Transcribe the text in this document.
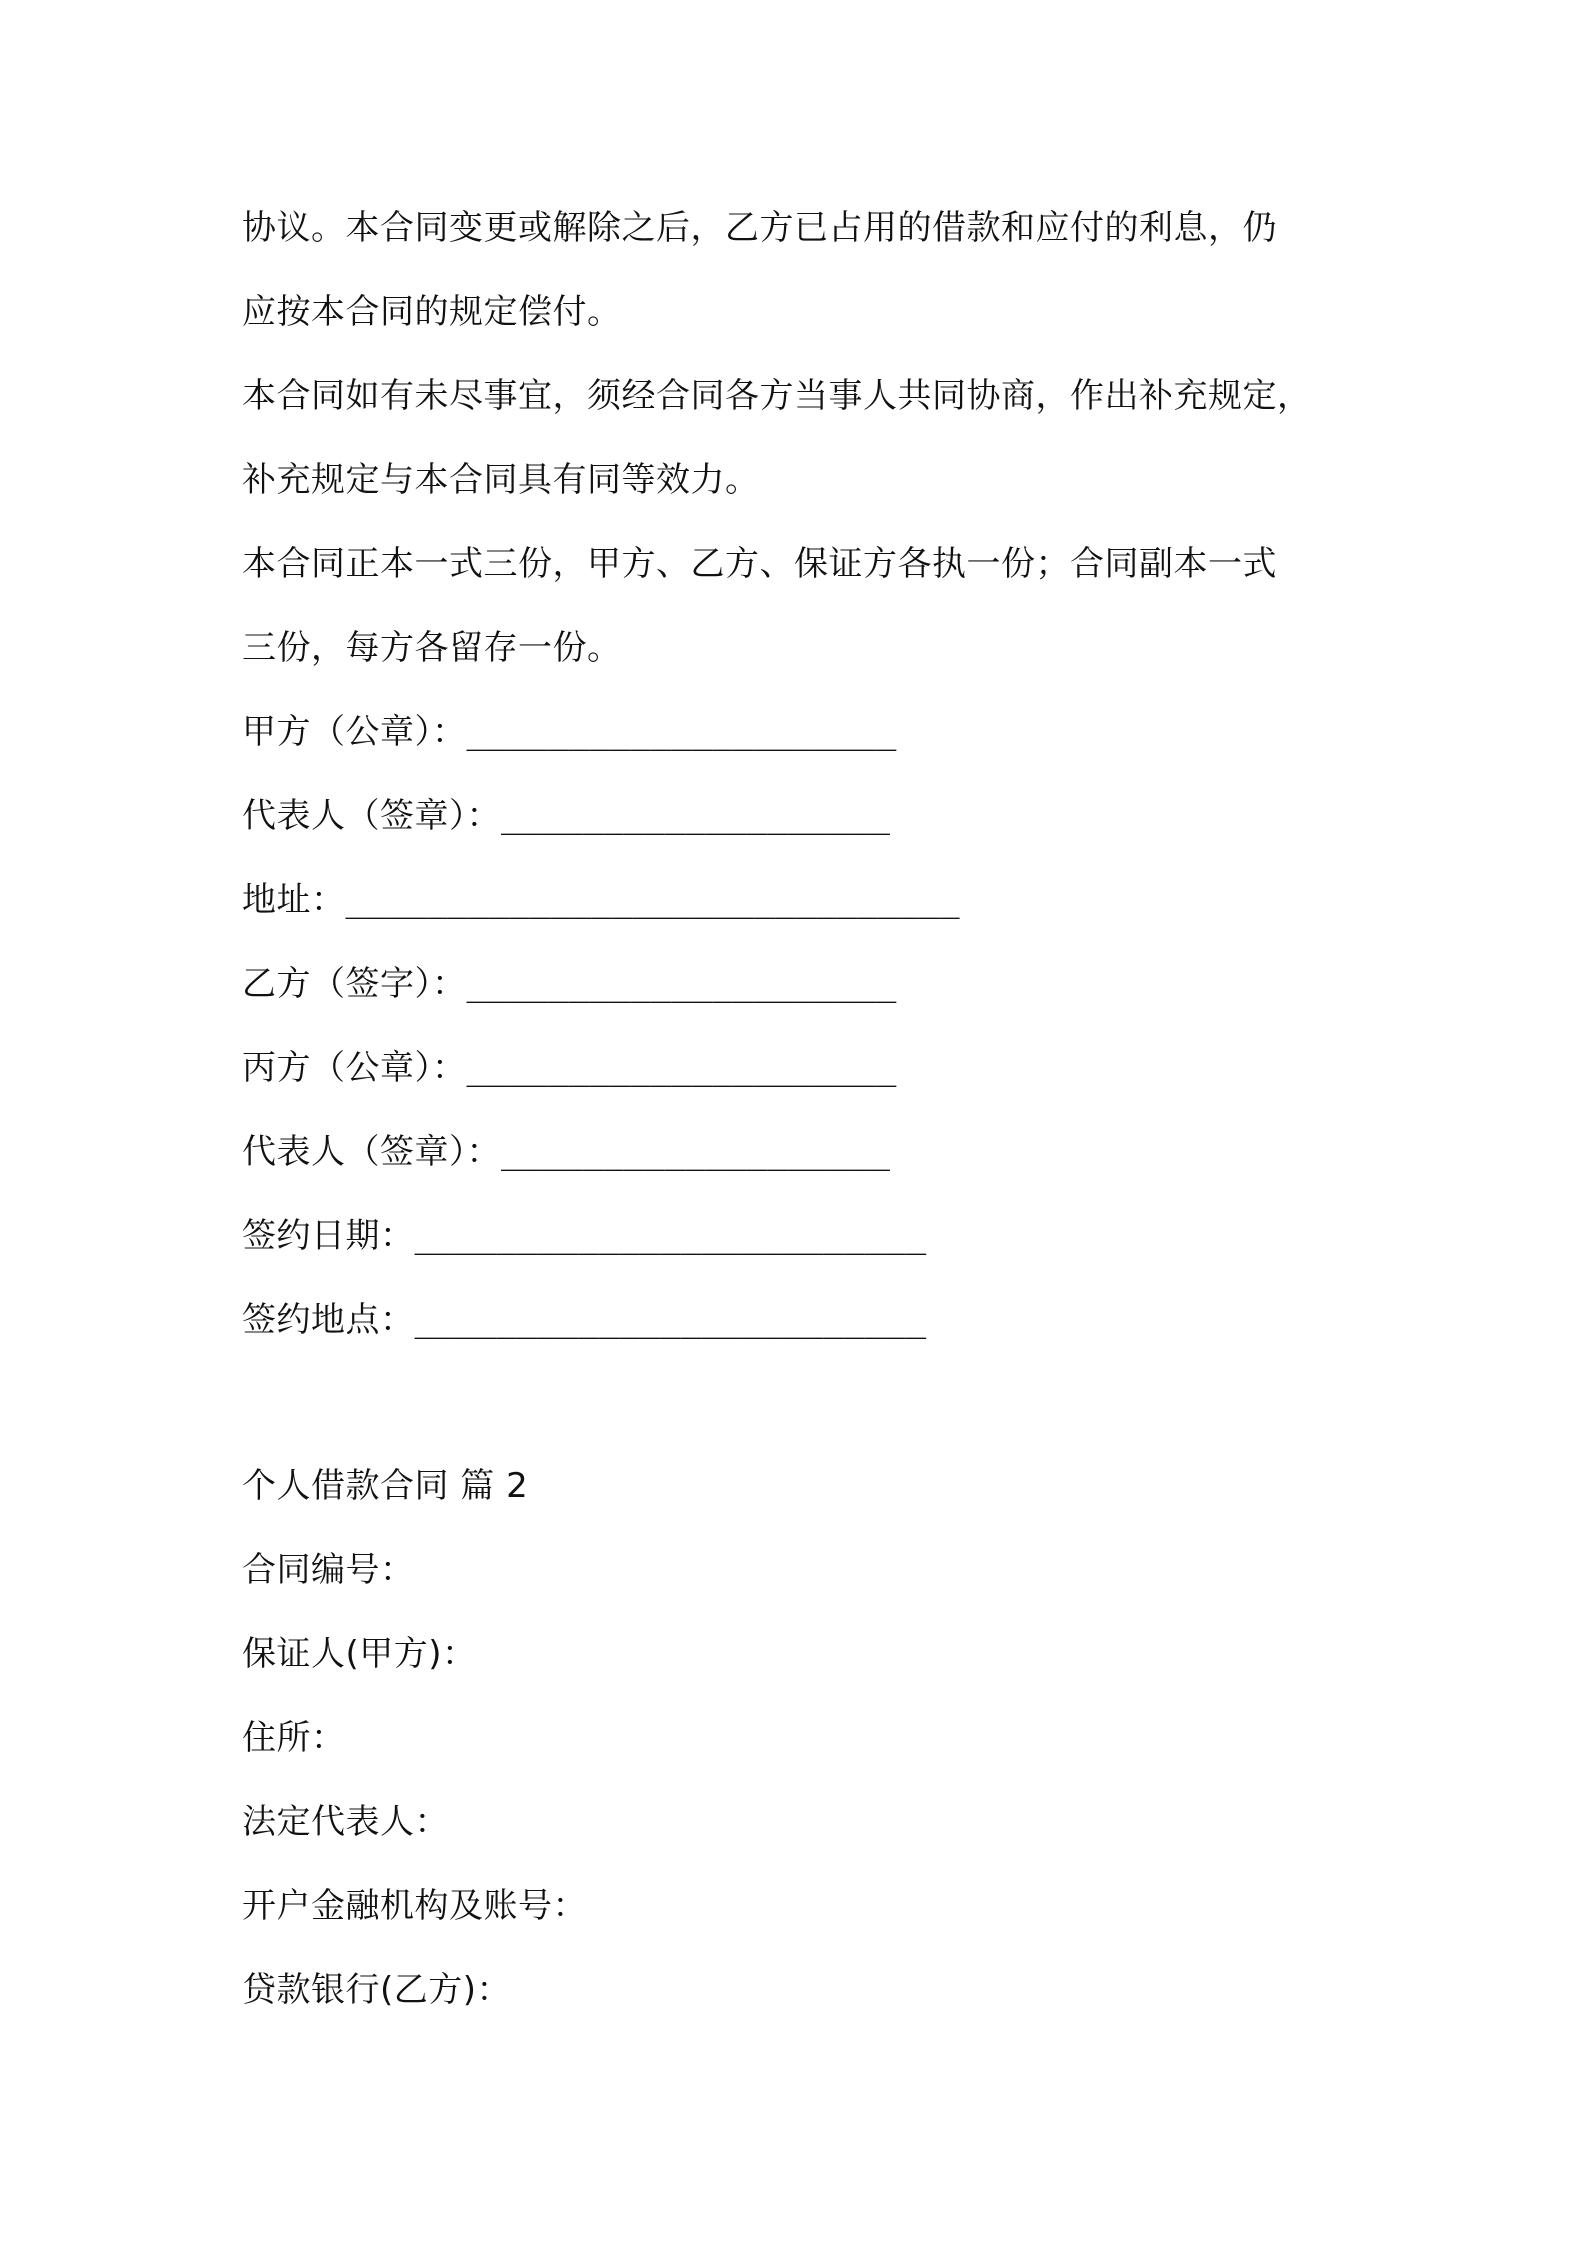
协议。本合同变更或解除之后，乙方已占用的借款和应付的利息，仍
应按本合同的规定偿付。
本合同如有未尽事宜，须经合同各方当事人共同协商，作出补充规定，
补充规定与本合同具有同等效力。
本合同正本一式三份，甲方、乙方、保证方各执一份；合同副本一式
三份，每方各留存一份。
甲方（公章）：_____________________
代表人（签章）：___________________
地址：______________________________
乙方（签字）：_____________________
丙方（公章）：_____________________
代表人（签章）：___________________
签约日期：_________________________
签约地点：_________________________
个人借款合同 篇 2
合同编号：
保证人(甲方)：
住所：
法定代表人：
开户金融机构及账号：
贷款银行(乙方)：
